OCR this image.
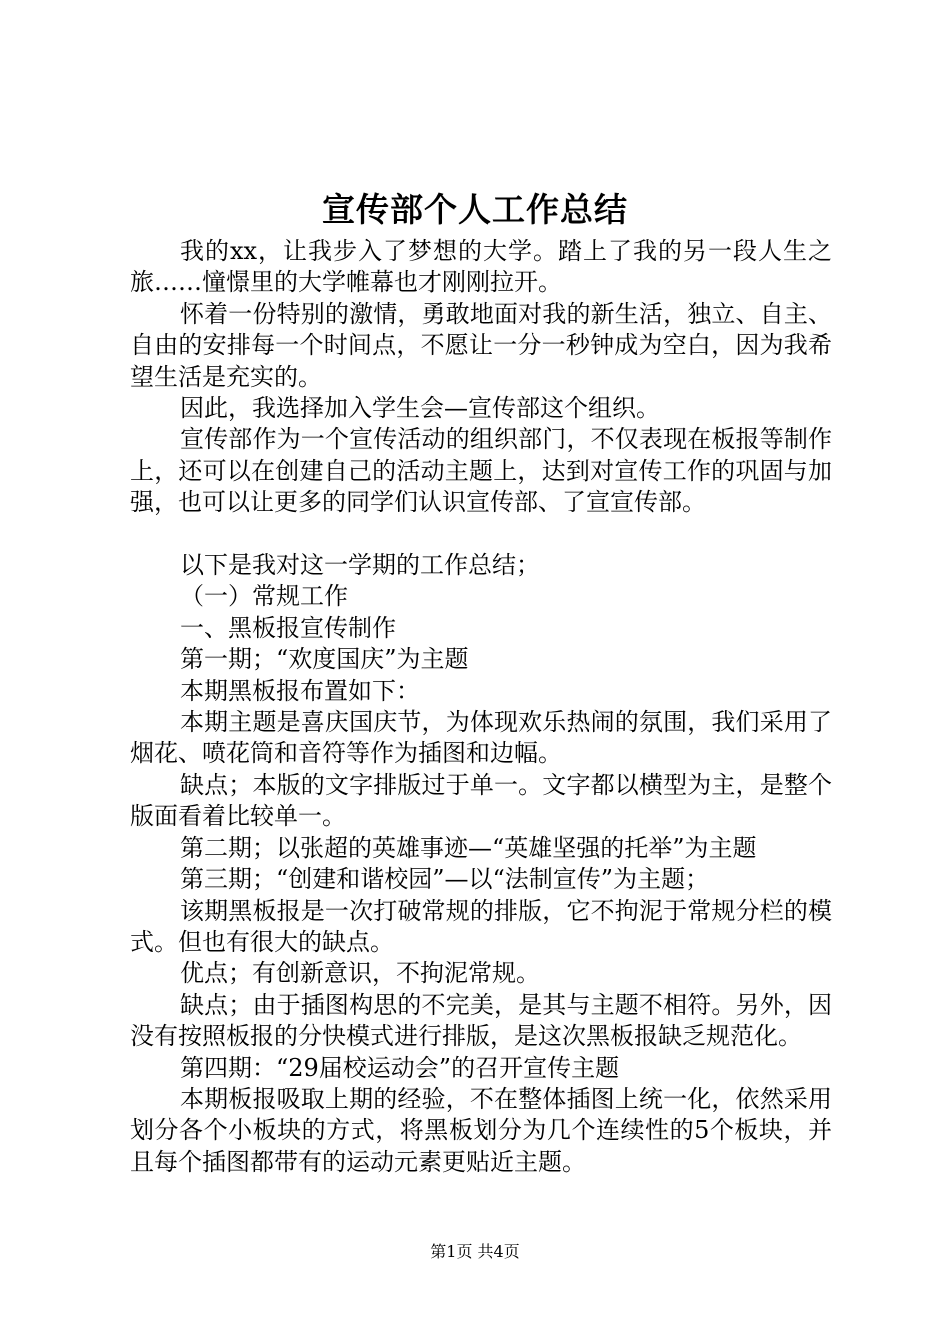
宣传部个人工作总结

我的xx，让我步入了梦想的大学。踏上了我的另一段人生之旅……憧憬里的大学帷幕也才刚刚拉开。

怀着一份特别的激情，勇敢地面对我的新生活，独立、自主、自由的安排每一个时间点，不愿让一分一秒钟成为空白，因为我希望生活是充实的。

因此，我选择加入学生会—宣传部这个组织。

宣传部作为一个宣传活动的组织部门，不仅表现在板报等制作上，还可以在创建自己的活动主题上，达到对宣传工作的巩固与加强，也可以让更多的同学们认识宣传部、了宣宣传部。

以下是我对这一学期的工作总结；

（一）常规工作

一、黑板报宣传制作

第一期；“欢度国庆”为主题

本期黑板报布置如下：

本期主题是喜庆国庆节，为体现欢乐热闹的氛围，我们采用了烟花、喷花筒和音符等作为插图和边幅。

缺点；本版的文字排版过于单一。文字都以横型为主，是整个版面看着比较单一。

第二期；以张超的英雄事迹—“英雄坚强的托举”为主题

第三期；“创建和谐校园”—以“法制宣传”为主题；

该期黑板报是一次打破常规的排版，它不拘泥于常规分栏的模式。但也有很大的缺点。

优点；有创新意识，不拘泥常规。

缺点；由于插图构思的不完美，是其与主题不相符。另外，因没有按照板报的分快模式进行排版，是这次黑板报缺乏规范化。

第四期：“29届校运动会”的召开宣传主题

本期板报吸取上期的经验，不在整体插图上统一化，依然采用划分各个小板块的方式，将黑板划分为几个连续性的5个板块，并且每个插图都带有的运动元素更贴近主题。

第1页 共4页
